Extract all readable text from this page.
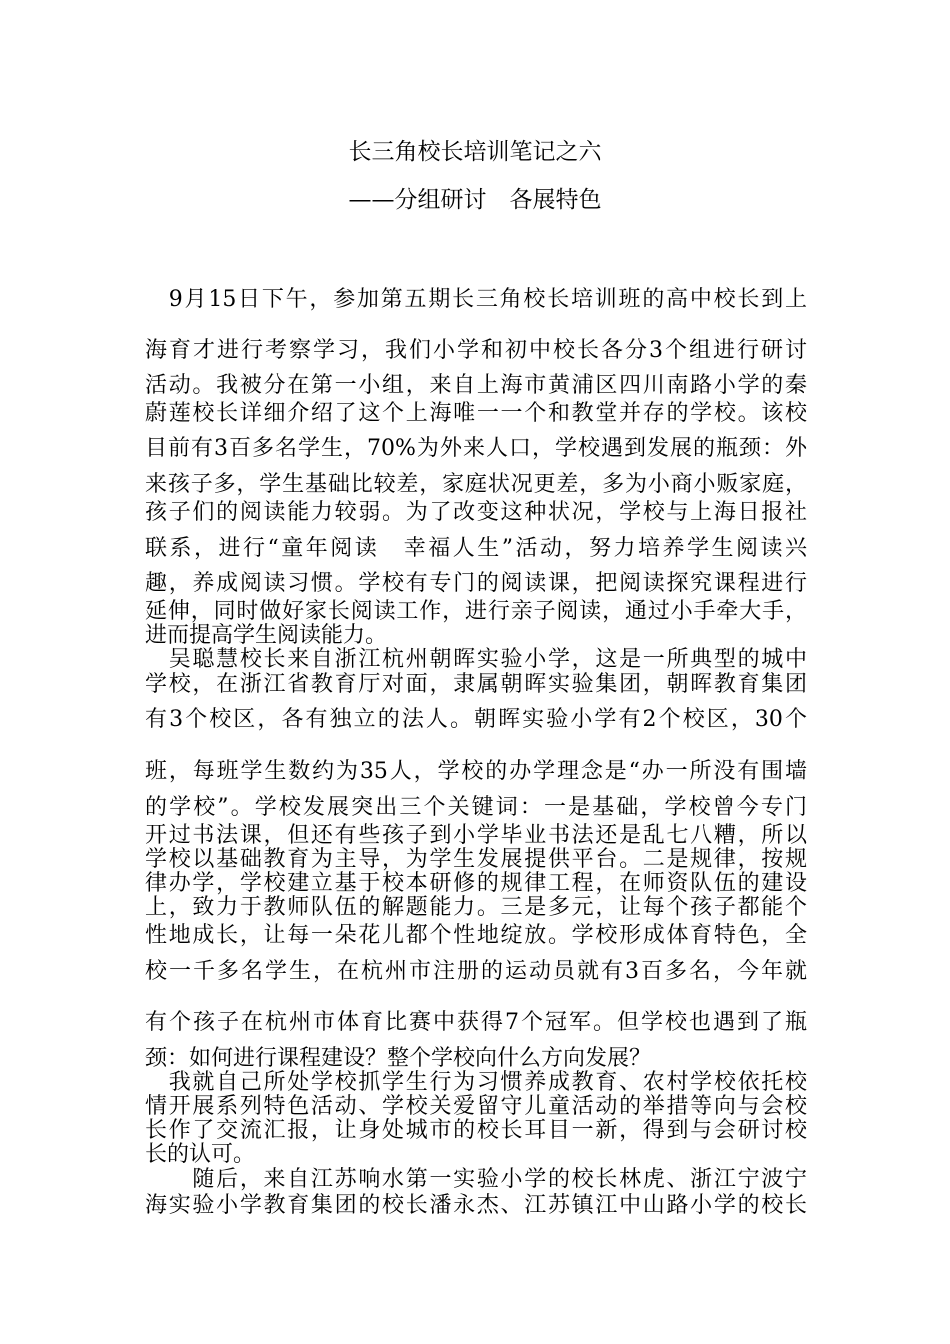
长三角校长培训笔记之六
——分组研讨　各展特色
　9月15日下午，参加第五期长三角校长培训班的高中校长到上
海育才进行考察学习，我们小学和初中校长各分3个组进行研讨
活动。我被分在第一小组，来自上海市黄浦区四川南路小学的秦
蔚莲校长详细介绍了这个上海唯一一个和教堂并存的学校。该校
目前有3百多名学生，70%为外来人口，学校遇到发展的瓶颈：外
来孩子多，学生基础比较差，家庭状况更差，多为小商小贩家庭，
孩子们的阅读能力较弱。为了改变这种状况，学校与上海日报社
联系，进行“童年阅读　幸福人生”活动，努力培养学生阅读兴
趣，养成阅读习惯。学校有专门的阅读课，把阅读探究课程进行
延伸，同时做好家长阅读工作，进行亲子阅读，通过小手牵大手，
进而提高学生阅读能力。
　吴聪慧校长来自浙江杭州朝晖实验小学，这是一所典型的城中
学校，在浙江省教育厅对面，隶属朝晖实验集团，朝晖教育集团
有3个校区，各有独立的法人。朝晖实验小学有2个校区，30个
班，每班学生数约为35人，学校的办学理念是“办一所没有围墙
的学校”。学校发展突出三个关键词：一是基础，学校曾今专门
开过书法课，但还有些孩子到小学毕业书法还是乱七八糟，所以
学校以基础教育为主导，为学生发展提供平台。二是规律，按规
律办学，学校建立基于校本研修的规律工程，在师资队伍的建设
上，致力于教师队伍的解题能力。三是多元，让每个孩子都能个
性地成长，让每一朵花儿都个性地绽放。学校形成体育特色，全
校一千多名学生，在杭州市注册的运动员就有3百多名，今年就
有个孩子在杭州市体育比赛中获得7个冠军。但学校也遇到了瓶
颈：如何进行课程建设？整个学校向什么方向发展？
　我就自己所处学校抓学生行为习惯养成教育、农村学校依托校
情开展系列特色活动、学校关爱留守儿童活动的举措等向与会校
长作了交流汇报，让身处城市的校长耳目一新，得到与会研讨校
长的认可。
　　随后，来自江苏响水第一实验小学的校长林虎、浙江宁波宁
海实验小学教育集团的校长潘永杰、江苏镇江中山路小学的校长
